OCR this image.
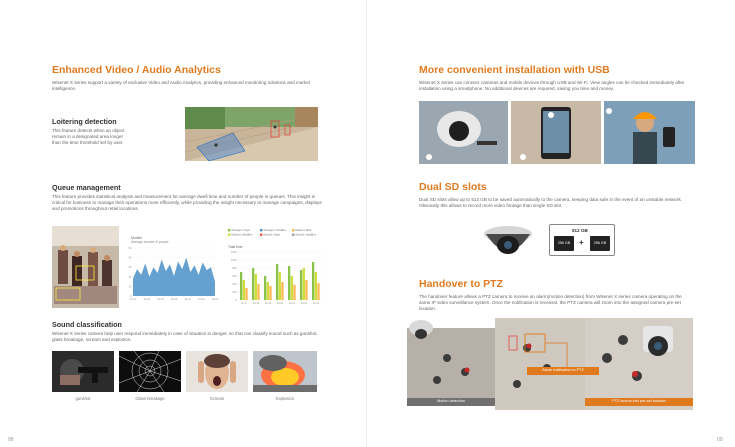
Enhanced Video / Audio Analytics
Wisenet X series support a variety of exclusive Video and Audio Analytics, providing enhanced monitoring solutions and market intelligence.
Loitering detection
This feature detects when an object remain in a designated area longer than the time threshold set by user.
Queue management
This feature provides statistical analysis and measurement for average dwell time and number of people in queues. This insight is critical for business to manage their operations more efficiently, while providing the insight necessary to manage campaigns, displays and promotions throughout retail locations.
Monitor
Average number of people
0
10
20
30
40
50
10-17	10-18	10-19	10-20	10-21	10-22	10-23
Strangers: Angel	Strangers: HandBee	Midwest: Blast
Midwest: HandBee	Adoredr: Angel	Adoredr: HandBee
Total time
0
200
400
600
800
1000
1200
10-17 10-18 10-19 10-20 10-21 10-22 10-23
Sound classification
Wisenet X series camera help user respond immediately in case of situation in danger, so that can classify sound such as gunshot, glass breakage, scream and explosion.
gunshot	Glass breakage	Scream	Explosion
08
More convenient installation with USB
Wisenet X series can connect cameras and mobile devices through USB and Wi-Fi. View angles can be checked immediately after installation using a smartphone. No additional devices are required, saving you time and money.
Dual SD slots
Dual SD slots allow up to 512 GB to be saved automatically to the camera, keeping data safe in the event of an unstable network. Obviously this allows to record more video footage than single SD slot.
512 GB
256 GB	+	256 GB
Handover to PTZ
The handover feature allows a PTZ camera to receive an alarm(motion detection) from Wisenet X series camera operating on the same IP video surveillance system. Once the notification is received, the PTZ camera will zoom into the assigned camera pre-set location.
Alarm notification to PTZ
Motion detection	PTZ zooms into pre-set location
09
